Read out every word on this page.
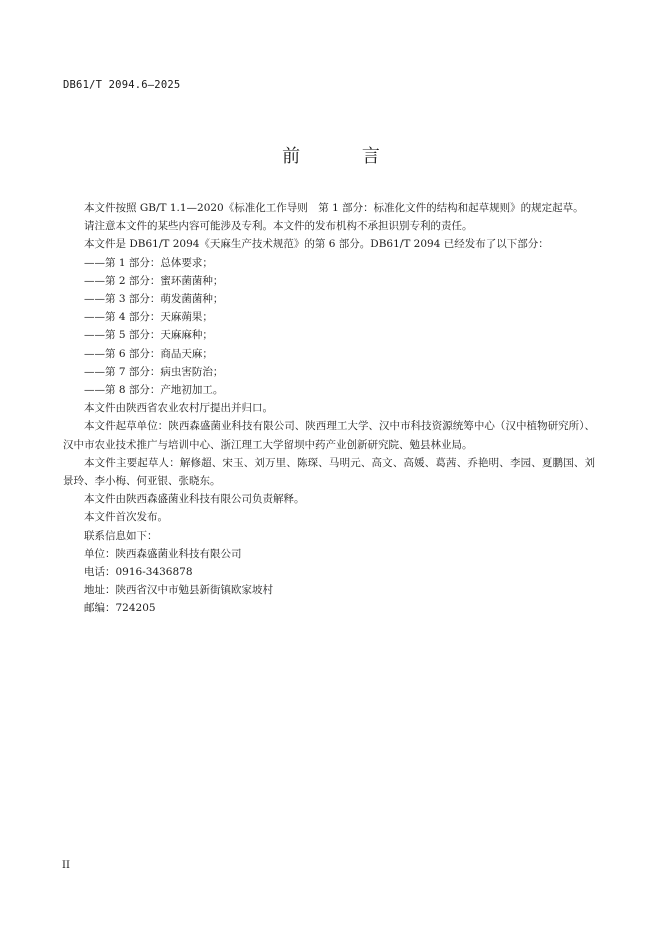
DB61/T 2094.6—2025
前 言

本文件按照 GB/T 1.1—2020《标准化工作导则　第 1 部分：标准化文件的结构和起草规则》的规定起草。

请注意本文件的某些内容可能涉及专利。本文件的发布机构不承担识别专利的责任。

本文件是 DB61/T 2094《天麻生产技术规范》的第 6 部分。DB61/T 2094 已经发布了以下部分：

——第 1 部分：总体要求；

——第 2 部分：蜜环菌菌种；

——第 3 部分：萌发菌菌种；

——第 4 部分：天麻蒴果；

——第 5 部分：天麻麻种；

——第 6 部分：商品天麻；

——第 7 部分：病虫害防治；

——第 8 部分：产地初加工。

本文件由陕西省农业农村厅提出并归口。

本文件起草单位：陕西森盛菌业科技有限公司、陕西理工大学、汉中市科技资源统筹中心（汉中植物研究所）、汉中市农业技术推广与培训中心、浙江理工大学留坝中药产业创新研究院、勉县林业局。

本文件主要起草人：解修超、宋玉、刘万里、陈琛、马明元、高文、高媛、葛茜、乔艳明、李园、夏鹏国、刘景玲、李小梅、何亚银、张晓东。

本文件由陕西森盛菌业科技有限公司负责解释。

本文件首次发布。

联系信息如下：

单位：陕西森盛菌业科技有限公司

电话：0916-3436878

地址：陕西省汉中市勉县新街镇欧家坡村

邮编：724205

II
